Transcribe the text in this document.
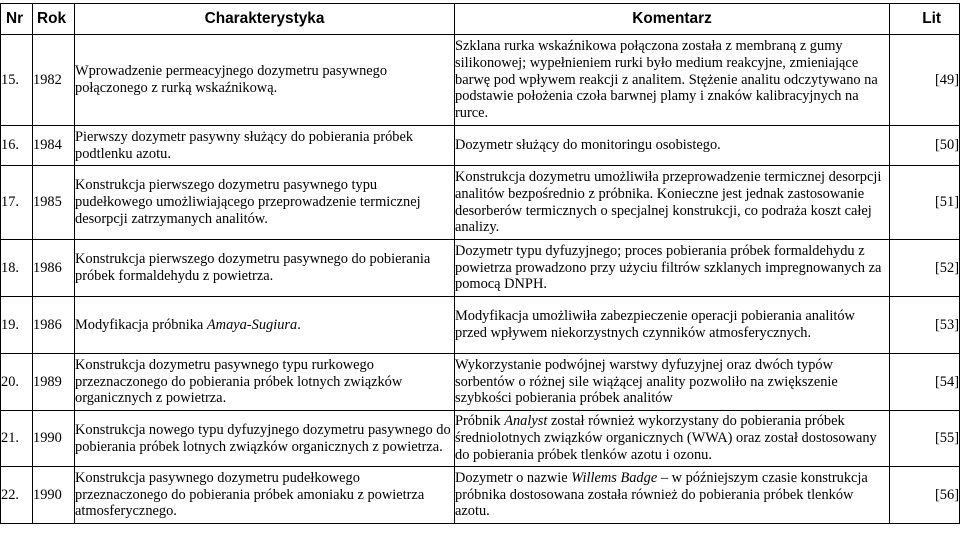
Nr	Rok	Charakterystyka	Komentarz	Lit
15.	1982	Wprowadzenie permeacyjnego dozymetru pasywnego połączonego z rurką wskaźnikową.	Szklana rurka wskaźnikowa połączona została z membraną z gumy silikonowej; wypełnieniem rurki było medium reakcyjne, zmieniające barwę pod wpływem reakcji z analitem. Stężenie analitu odczytywano na podstawie położenia czoła barwnej plamy i znaków kalibracyjnych na rurce.	[49]
16.	1984	Pierwszy dozymetr pasywny służący do pobierania próbek podtlenku azotu.	Dozymetr służący do monitoringu osobistego.	[50]
17.	1985	Konstrukcja pierwszego dozymetru pasywnego typu pudełkowego umożliwiającego przeprowadzenie termicznej desorpcji zatrzymanych analitów.	Konstrukcja dozymetru umożliwiła przeprowadzenie termicznej desorpcji analitów bezpośrednio z próbnika. Konieczne jest jednak zastosowanie desorberów termicznych o specjalnej konstrukcji, co podraża koszt całej analizy.	[51]
18.	1986	Konstrukcja pierwszego dozymetru pasywnego do pobierania próbek formaldehydu z powietrza.	Dozymetr typu dyfuzyjnego; proces pobierania próbek formaldehydu z powietrza prowadzono przy użyciu filtrów szklanych impregnowanych za pomocą DNPH.	[52]
19.	1986	Modyfikacja próbnika Amaya-Sugiura.	Modyfikacja umożliwiła zabezpieczenie operacji pobierania analitów przed wpływem niekorzystnych czynników atmosferycznych.	[53]
20.	1989	Konstrukcja dozymetru pasywnego typu rurkowego przeznaczonego do pobierania próbek lotnych związków organicznych z powietrza.	Wykorzystanie podwójnej warstwy dyfuzyjnej oraz dwóch typów sorbentów o różnej sile wiążącej anality pozwoliło na zwiększenie szybkości pobierania próbek analitów	[54]
21.	1990	Konstrukcja nowego typu dyfuzyjnego dozymetru pasywnego do pobierania próbek lotnych związków organicznych z powietrza.	Próbnik Analyst został również wykorzystany do pobierania próbek średniolotnych związków organicznych (WWA) oraz został dostosowany do pobierania próbek tlenków azotu i ozonu.	[55]
22.	1990	Konstrukcja pasywnego dozymetru pudełkowego przeznaczonego do pobierania próbek amoniaku z powietrza atmosferycznego.	Dozymetr o nazwie Willems Badge – w późniejszym czasie konstrukcja próbnika dostosowana została również do pobierania próbek tlenków azotu.	[56]
